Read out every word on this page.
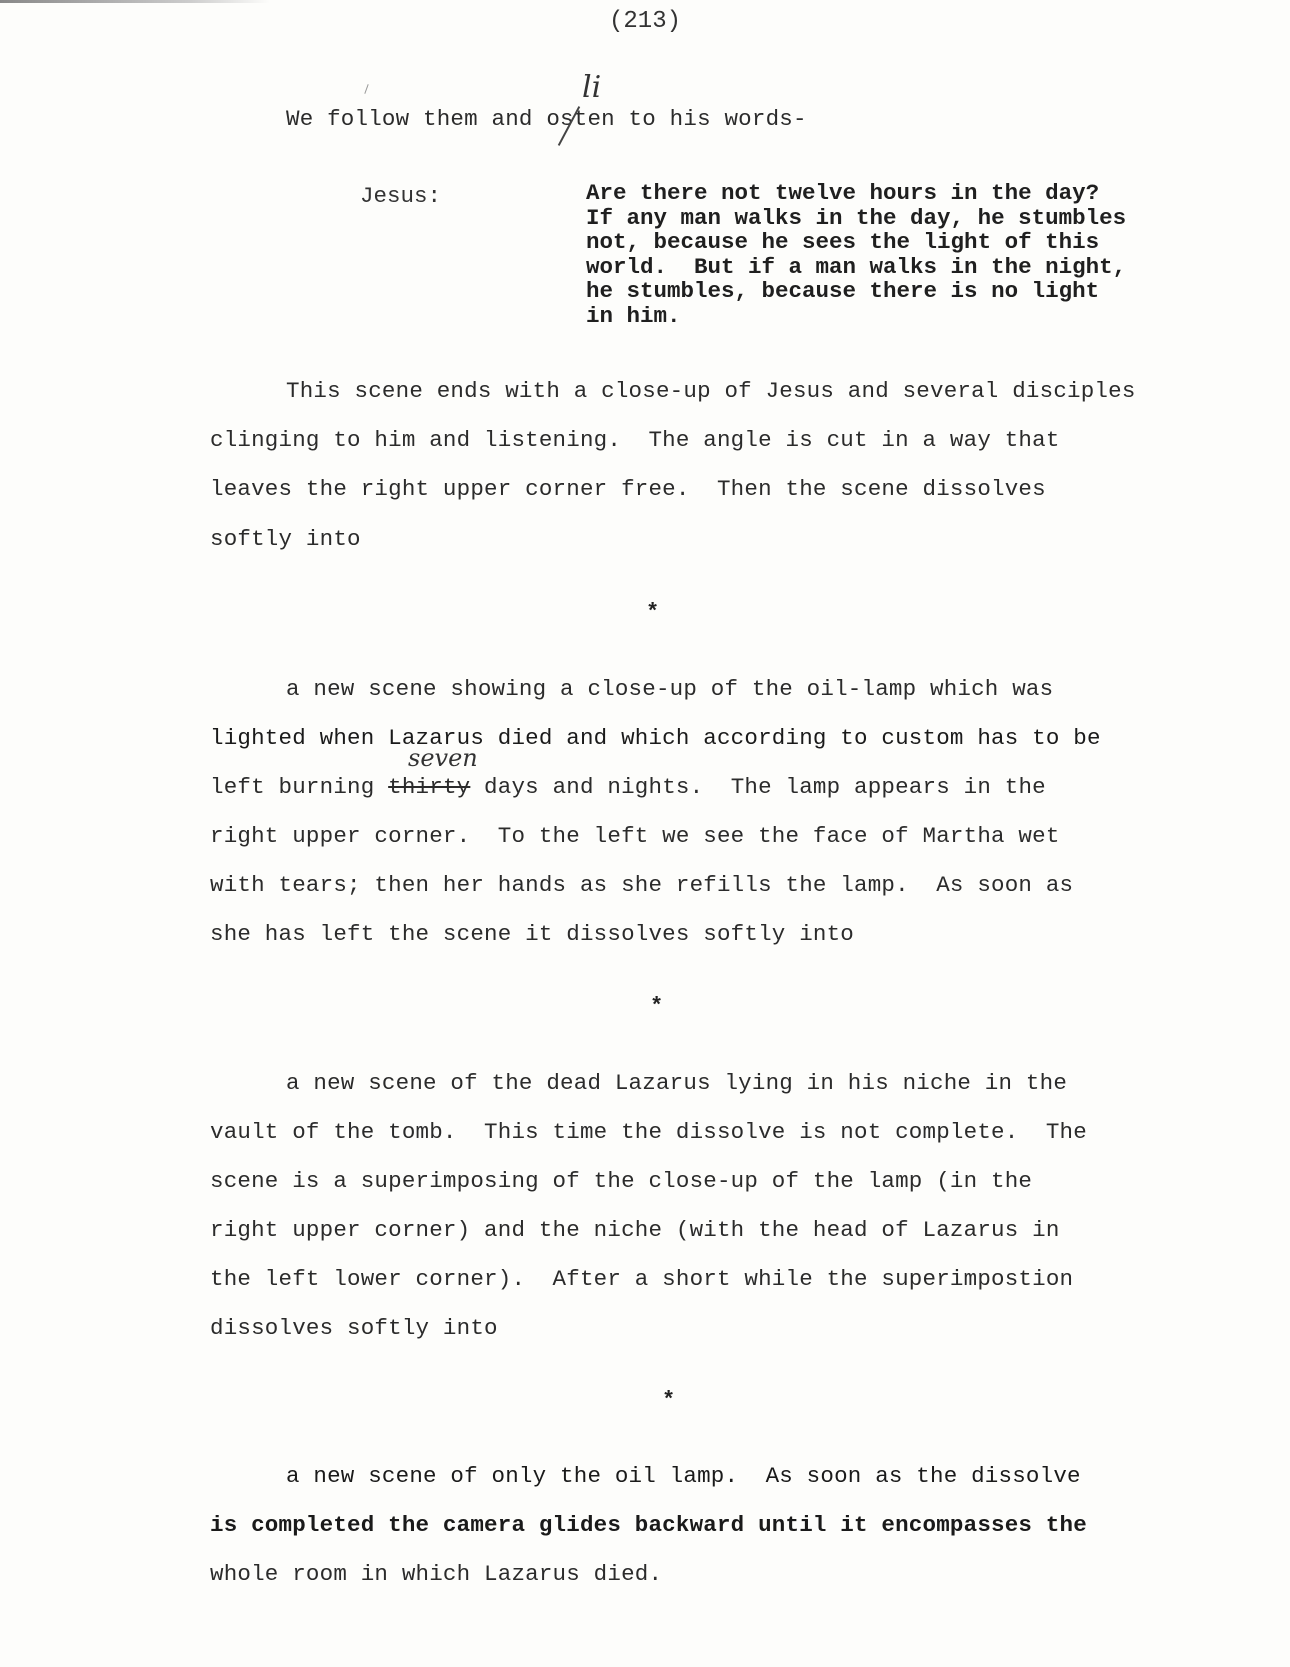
(213)
We follow them and osten to his words-
li
Jesus:	Are there not twelve hours in the day?
If any man walks in the day, he stumbles
not, because he sees the light of this
world.  But if a man walks in the night,
he stumbles, because there is no light
in him.
This scene ends with a close-up of Jesus and several disciples
clinging to him and listening.  The angle is cut in a way that
leaves the right upper corner free.  Then the scene dissolves
softly into
*
a new scene showing a close-up of the oil-lamp which was
lighted when Lazarus died and which according to custom has to be
seven
left burning thirty days and nights.  The lamp appears in the
right upper corner.  To the left we see the face of Martha wet
with tears; then her hands as she refills the lamp.  As soon as
she has left the scene it dissolves softly into
*
a new scene of the dead Lazarus lying in his niche in the
vault of the tomb.  This time the dissolve is not complete.  The
scene is a superimposing of the close-up of the lamp (in the
right upper corner) and the niche (with the head of Lazarus in
the left lower corner).  After a short while the superimpostion
dissolves softly into
*
a new scene of only the oil lamp.  As soon as the dissolve
is completed the camera glides backward until it encompasses the
whole room in which Lazarus died.
